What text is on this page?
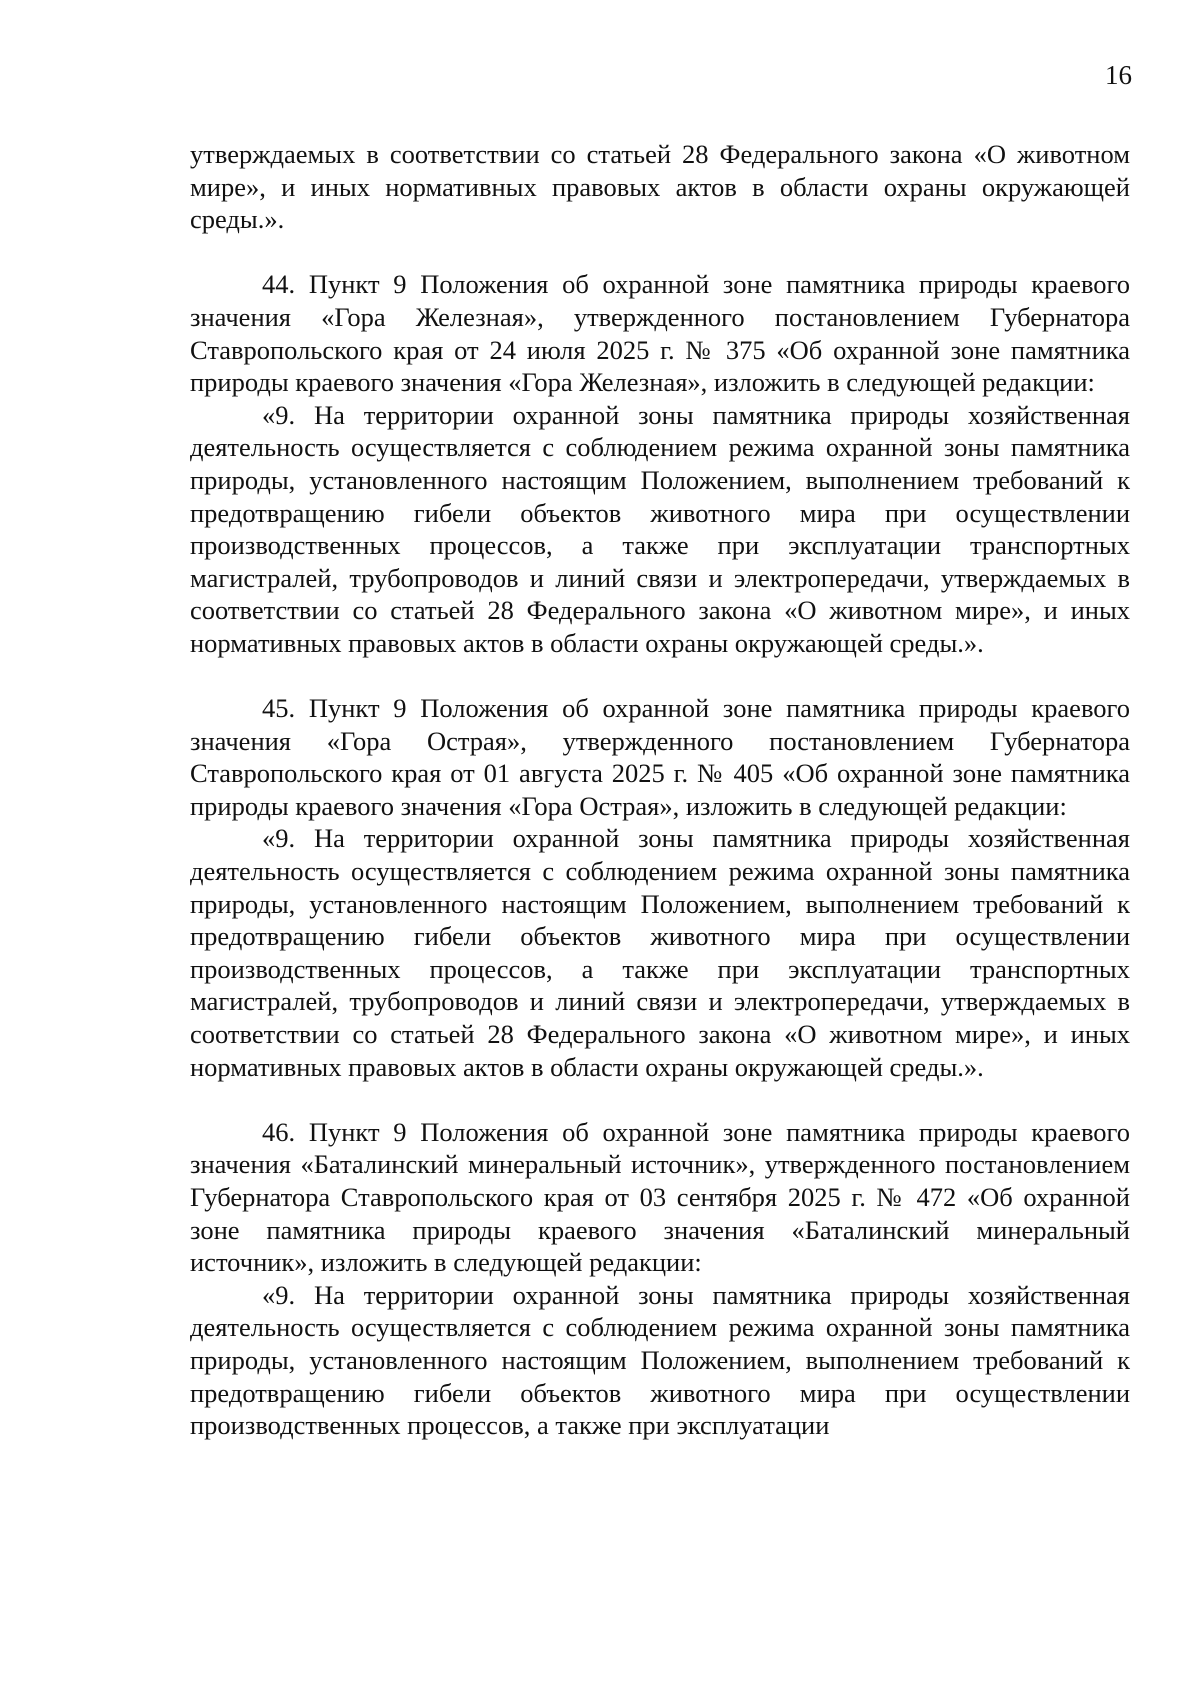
16

утверждаемых в соответствии со статьей 28 Федерального закона «О животном мире», и иных нормативных правовых актов в области охраны окружающей среды.».

44. Пункт 9 Положения об охранной зоне памятника природы краевого значения «Гора Железная», утвержденного постановлением Губернатора Ставропольского края от 24 июля 2025 г. № 375 «Об охранной зоне памятника природы краевого значения «Гора Железная», изложить в следующей редакции:

«9. На территории охранной зоны памятника природы хозяйственная деятельность осуществляется с соблюдением режима охранной зоны памятника природы, установленного настоящим Положением, выполнением требований к предотвращению гибели объектов животного мира при осуществлении производственных процессов, а также при эксплуатации транспортных магистралей, трубопроводов и линий связи и электропередачи, утверждаемых в соответствии со статьей 28 Федерального закона «О животном мире», и иных нормативных правовых актов в области охраны окружающей среды.».

45. Пункт 9 Положения об охранной зоне памятника природы краевого значения «Гора Острая», утвержденного постановлением Губернатора Ставропольского края от 01 августа 2025 г. № 405 «Об охранной зоне памятника природы краевого значения «Гора Острая», изложить в следующей редакции:

«9. На территории охранной зоны памятника природы хозяйственная деятельность осуществляется с соблюдением режима охранной зоны памятника природы, установленного настоящим Положением, выполнением требований к предотвращению гибели объектов животного мира при осуществлении производственных процессов, а также при эксплуатации транспортных магистралей, трубопроводов и линий связи и электропередачи, утверждаемых в соответствии со статьей 28 Федерального закона «О животном мире», и иных нормативных правовых актов в области охраны окружающей среды.».

46. Пункт 9 Положения об охранной зоне памятника природы краевого значения «Баталинский минеральный источник», утвержденного постановлением Губернатора Ставропольского края от 03 сентября 2025 г. № 472 «Об охранной зоне памятника природы краевого значения «Баталинский минеральный источник», изложить в следующей редакции:

«9. На территории охранной зоны памятника природы хозяйственная деятельность осуществляется с соблюдением режима охранной зоны памятника природы, установленного настоящим Положением, выполнением требований к предотвращению гибели объектов животного мира при осуществлении производственных процессов, а также при эксплуатации
